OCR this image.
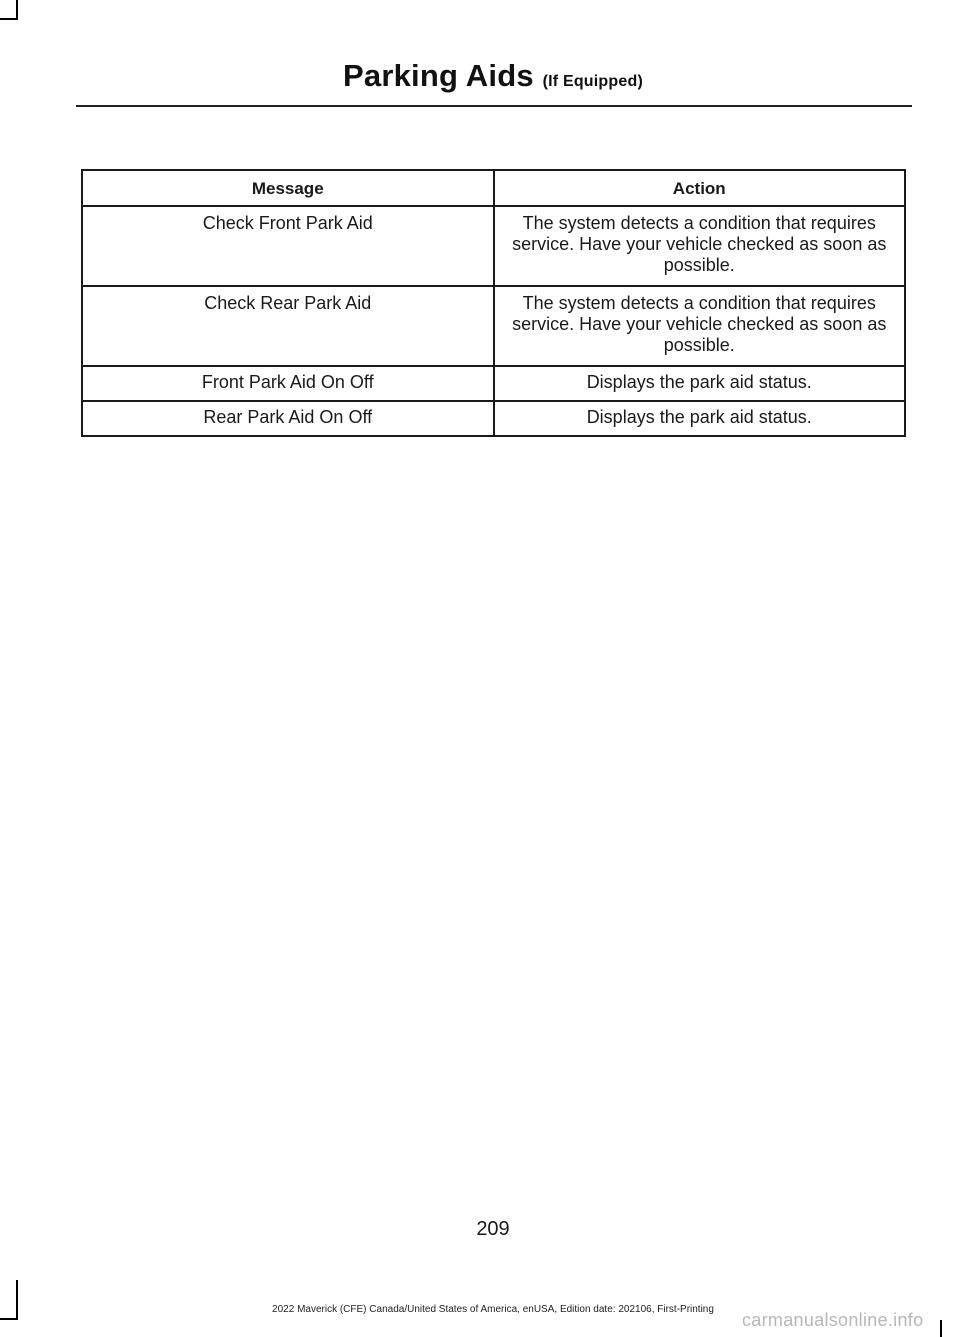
Parking Aids (If Equipped)
Message	Action
Check Front Park Aid	The system detects a condition that requires service. Have your vehicle checked as soon as possible.
Check Rear Park Aid	The system detects a condition that requires service. Have your vehicle checked as soon as possible.
Front Park Aid On Off	Displays the park aid status.
Rear Park Aid On Off	Displays the park aid status.
209
2022 Maverick (CFE) Canada/United States of America, enUSA, Edition date: 202106, First-Printing
carmanualsonline.info
